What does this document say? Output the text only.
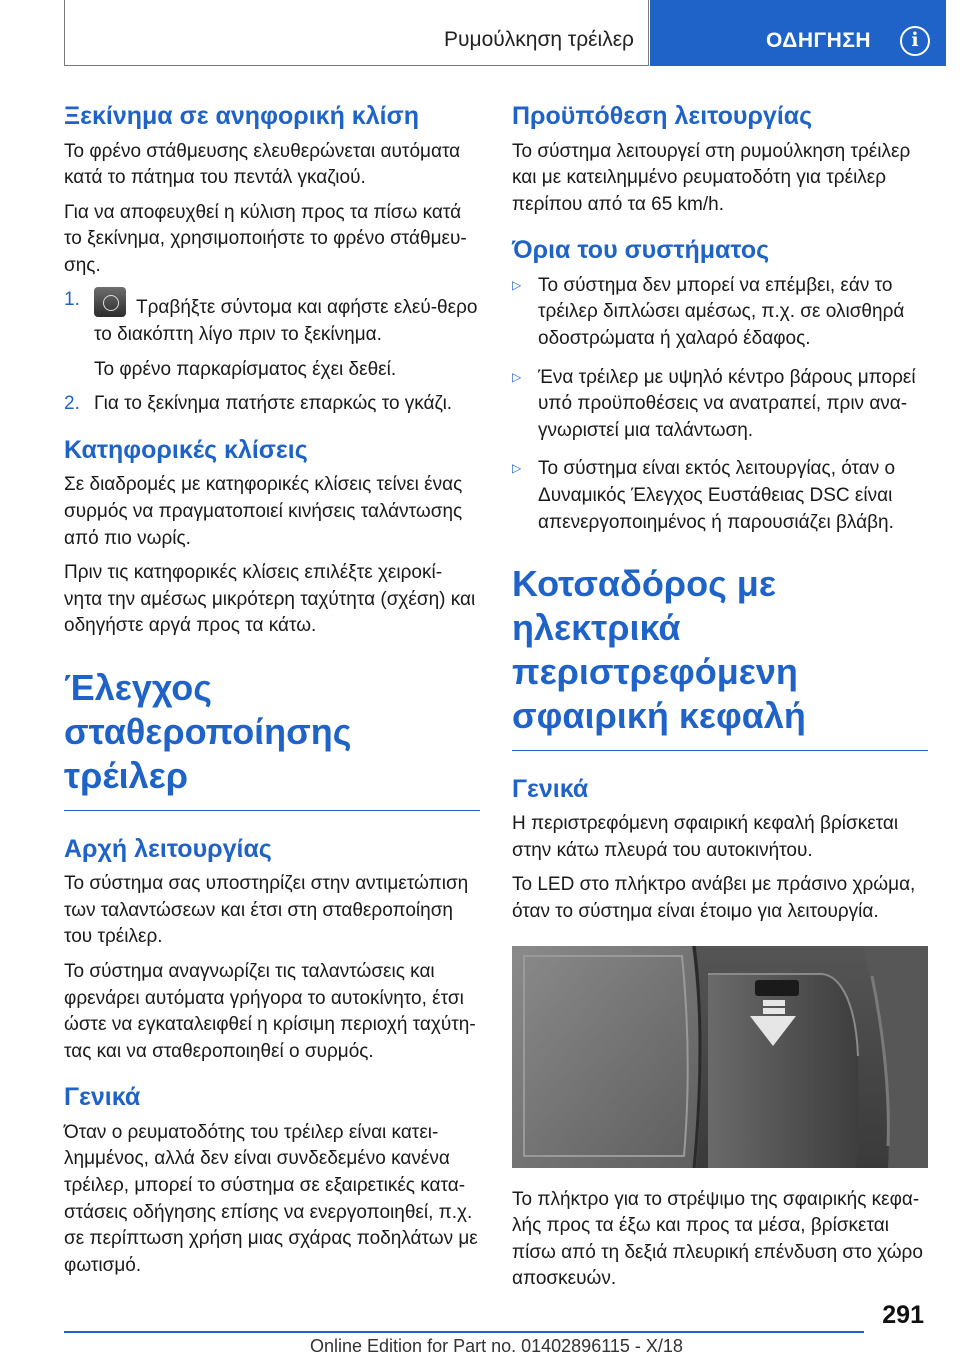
Ρυμούλκηση τρέιλερ	ΟΔΗΓΗΣΗ	i
Ξεκίνημα σε ανηφορική κλίση

Το φρένο στάθμευσης ελευθερώνεται αυτόματα κατά το πάτημα του πεντάλ γκαζιού.

Για να αποφευχθεί η κύλιση προς τα πίσω κατά το ξεκίνημα, χρησιμοποιήστε το φρένο στάθμευ-σης.

1.	Τραβήξτε σύντομα και αφήστε ελεύ-θερο το διακόπτη λίγο πριν το ξεκίνημα.

Το φρένο παρκαρίσματος έχει δεθεί.

2. Για το ξεκίνημα πατήστε επαρκώς το γκάζι.
Κατηφορικές κλίσεις

Σε διαδρομές με κατηφορικές κλίσεις τείνει ένας συρμός να πραγματοποιεί κινήσεις ταλάντωσης από πιο νωρίς.

Πριν τις κατηφορικές κλίσεις επιλέξτε χειροκί-νητα την αμέσως μικρότερη ταχύτητα (σχέση) και οδηγήστε αργά προς τα κάτω.

Έλεγχος σταθεροποίησης τρέιλερ
Αρχή λειτουργίας

Το σύστημα σας υποστηρίζει στην αντιμετώπιση των ταλαντώσεων και έτσι στη σταθεροποίηση του τρέιλερ.

Το σύστημα αναγνωρίζει τις ταλαντώσεις και φρενάρει αυτόματα γρήγορα το αυτοκίνητο, έτσι ώστε να εγκαταλειφθεί η κρίσιμη περιοχή ταχύτη-τας και να σταθεροποιηθεί ο συρμός.

Γενικά

Όταν ο ρευματοδότης του τρέιλερ είναι κατει-λημμένος, αλλά δεν είναι συνδεδεμένο κανένα τρέιλερ, μπορεί το σύστημα σε εξαιρετικές κατα-στάσεις οδήγησης επίσης να ενεργοποιηθεί, π.χ. σε περίπτωση χρήση μιας σχάρας ποδηλάτων με φωτισμό.

Προϋπόθεση λειτουργίας

Το σύστημα λειτουργεί στη ρυμούλκηση τρέιλερ και με κατειλημμένο ρευματοδότη για τρέιλερ περίπου από τα 65 km/h.

Όρια του συστήματος
▷ Το σύστημα δεν μπορεί να επέμβει, εάν το τρέιλερ διπλώσει αμέσως, π.χ. σε ολισθηρά οδοστρώματα ή χαλαρό έδαφος.
▷ Ένα τρέιλερ με υψηλό κέντρο βάρους μπορεί υπό προϋποθέσεις να ανατραπεί, πριν ανα-γνωριστεί μια ταλάντωση.
▷ Το σύστημα είναι εκτός λειτουργίας, όταν ο Δυναμικός Έλεγχος Ευστάθειας DSC είναι απενεργοποιημένος ή παρουσιάζει βλάβη.
Κοτσαδόρος με ηλεκτρικά περιστρεφόμενη σφαιρική κεφαλή
Γενικά

Η περιστρεφόμενη σφαιρική κεφαλή βρίσκεται στην κάτω πλευρά του αυτοκινήτου.

Το LED στο πλήκτρο ανάβει με πράσινο χρώμα, όταν το σύστημα είναι έτοιμο για λειτουργία.

Το πλήκτρο για το στρέψιμο της σφαιρικής κεφα-λής προς τα έξω και προς τα μέσα, βρίσκεται πίσω από τη δεξιά πλευρική επένδυση στο χώρο αποσκευών.

291
Online Edition for Part no. 01402896115 - X/18
